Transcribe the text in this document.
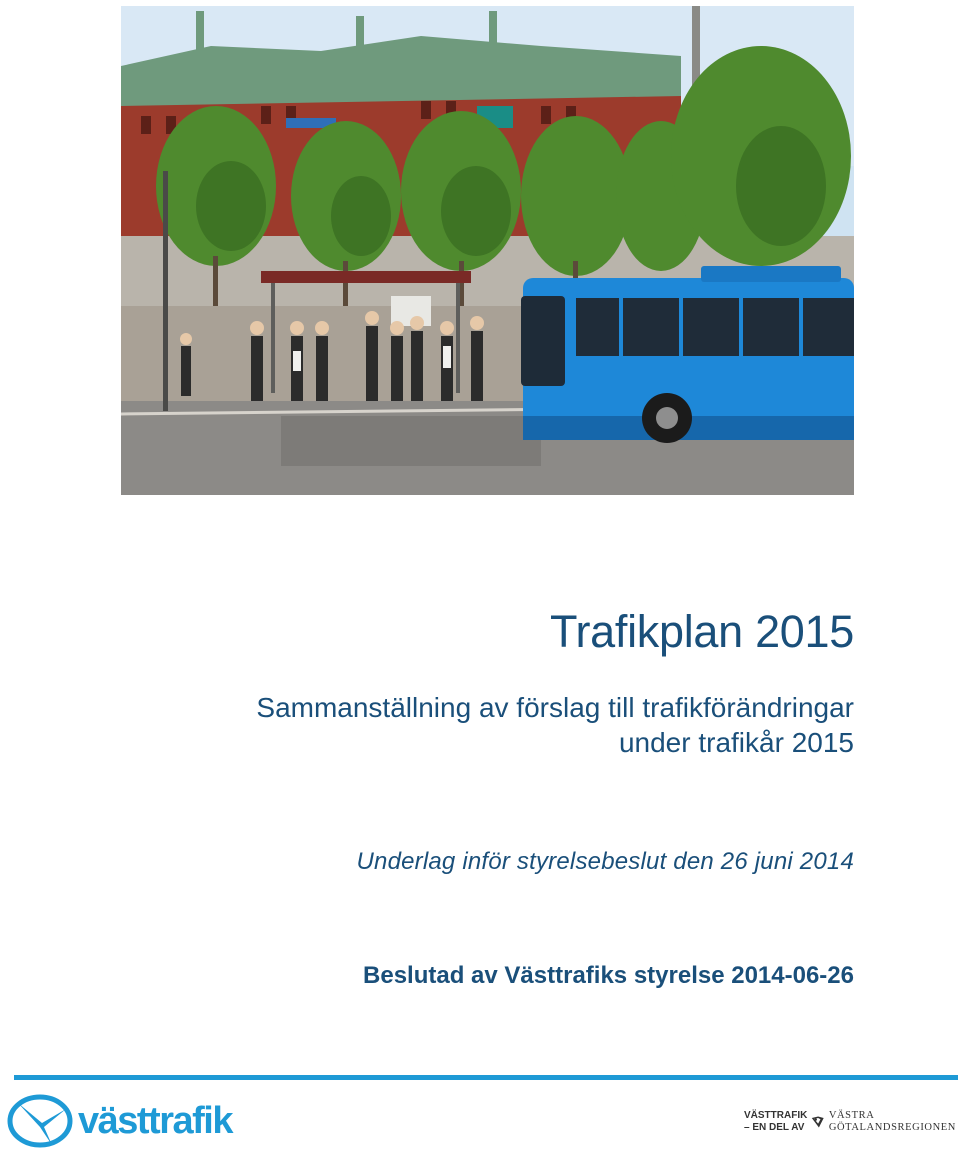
Trafikplan 2015
Sammanställning av förslag till trafikförändringar
under trafikår 2015
Underlag inför styrelsebeslut den 26 juni 2014
Beslutad av Västtrafiks styrelse 2014-06-26
västtrafik	VÄSTTRAFIK
– EN DEL AV
VÄSTRA
GÖTALANDSREGIONEN
